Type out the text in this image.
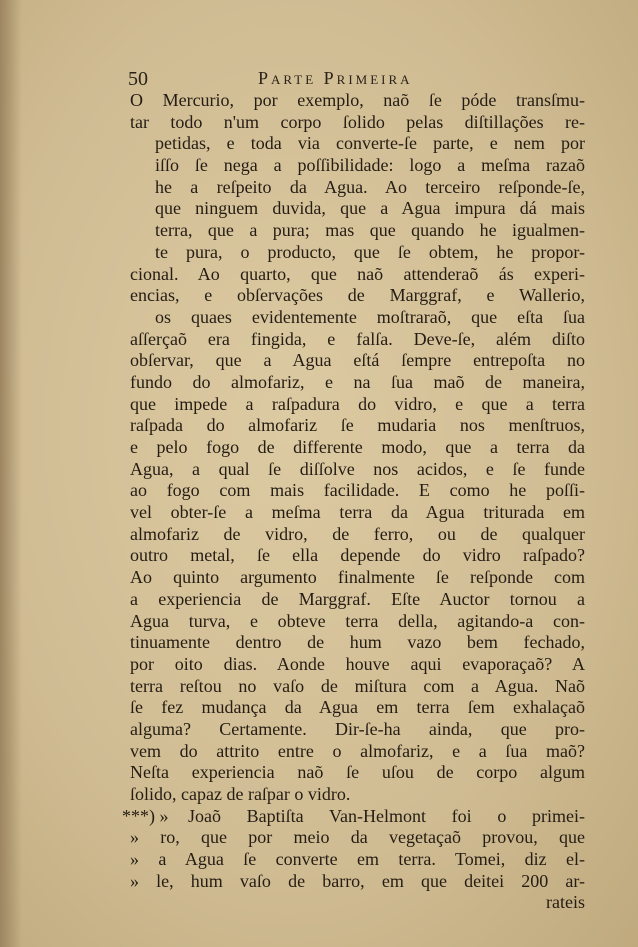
50	Parte Primeira
O Mercurio, por exemplo, naõ ſe póde transſmu-
tar todo n'um corpo ſolido pelas diſtillações re-
petidas, e toda via converte-ſe parte, e nem por
iſſo ſe nega a poſſibilidade: logo a meſma razaõ
he a reſpeito da Agua. Ao terceiro reſponde-ſe,
que ninguem duvida, que a Agua impura dá mais
terra, que a pura; mas que quando he igualmen-
te pura, o producto, que ſe obtem, he propor-
cional. Ao quarto, que naõ attenderaõ ás experi-
encias, e obſervações de Marggraf, e Wallerio,
os quaes evidentemente moſtraraõ, que eſta ſua
aſſerçaõ era fingida, e falſa. Deve-ſe, além diſto
obſervar, que a Agua eſtá ſempre entrepoſta no
fundo do almofariz, e na ſua maõ de maneira,
que impede a raſpadura do vidro, e que a terra
raſpada do almofariz ſe mudaria nos menſtruos,
e pelo fogo de differente modo, que a terra da
Agua, a qual ſe diſſolve nos acidos, e ſe funde
ao fogo com mais facilidade. E como he poſſi-
vel obter-ſe a meſma terra da Agua triturada em
almofariz de vidro, de ferro, ou de qualquer
outro metal, ſe ella depende do vidro raſpado?
Ao quinto argumento finalmente ſe reſponde com
a experiencia de Marggraf. Eſte Auctor tornou a
Agua turva, e obteve terra della, agitando-a con-
tinuamente dentro de hum vazo bem fechado,
por oito dias. Aonde houve aqui evaporaçaõ? A
terra reſtou no vaſo de miſtura com a Agua. Naõ
ſe fez mudança da Agua em terra ſem exhalaçaõ
alguma? Certamente. Dir-ſe-ha ainda, que pro-
vem do attrito entre o almofariz, e a ſua maõ?
Neſta experiencia naõ ſe uſou de corpo algum
ſolido, capaz de raſpar o vidro.
***) »	Joaõ Baptiſta Van-Helmont foi o primei-
» ro, que por meio da vegetaçaõ provou, que
» a Agua ſe converte em terra. Tomei, diz el-
» le, hum vaſo de barro, em que deitei 200 ar-
rateis
